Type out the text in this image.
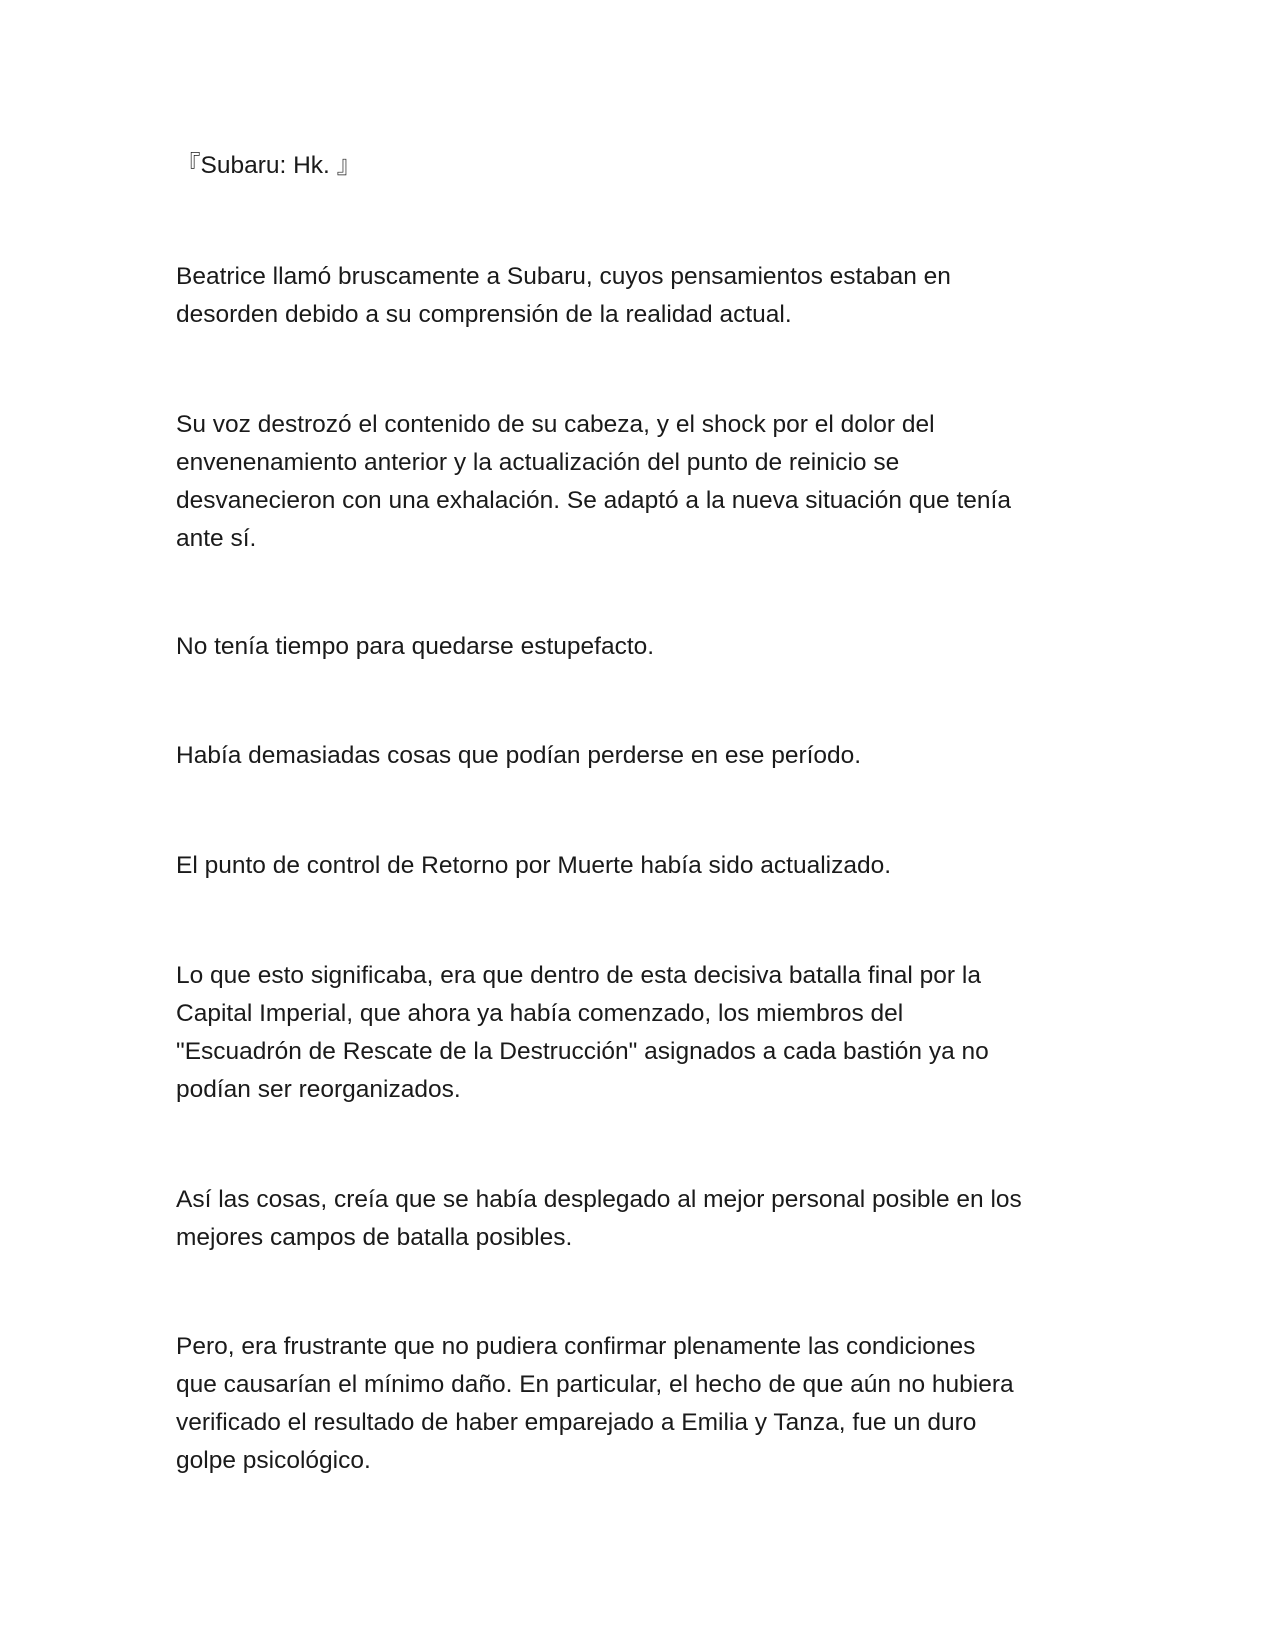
『Subaru: Hk. 』

Beatrice llamó bruscamente a Subaru, cuyos pensamientos estaban en
desorden debido a su comprensión de la realidad actual.

Su voz destrozó el contenido de su cabeza, y el shock por el dolor del
envenenamiento anterior y la actualización del punto de reinicio se
desvanecieron con una exhalación. Se adaptó a la nueva situación que tenía
ante sí.

No tenía tiempo para quedarse estupefacto.

Había demasiadas cosas que podían perderse en ese período.

El punto de control de Retorno por Muerte había sido actualizado.

Lo que esto significaba, era que dentro de esta decisiva batalla final por la
Capital Imperial, que ahora ya había comenzado, los miembros del
"Escuadrón de Rescate de la Destrucción" asignados a cada bastión ya no
podían ser reorganizados.

Así las cosas, creía que se había desplegado al mejor personal posible en los
mejores campos de batalla posibles.

Pero, era frustrante que no pudiera confirmar plenamente las condiciones
que causarían el mínimo daño. En particular, el hecho de que aún no hubiera
verificado el resultado de haber emparejado a Emilia y Tanza, fue un duro
golpe psicológico.
